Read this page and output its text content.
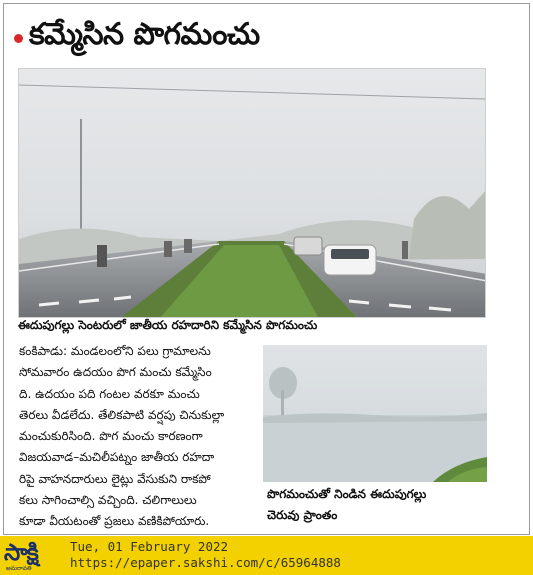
కమ్మేసిన పొగమంచు
ఈదుపుగల్లు సెంటరులో జాతీయ రహదారిని కమ్మేసిన పొగమంచు
కంకిపాడు: మండలంలోని పలు గ్రామాలను
సోమవారం ఉదయం పొగ మంచు కమ్మేసిం
ది. ఉదయం పది గంటల వరకూ మంచు
తెరలు వీడలేదు. తేలికపాటి వర్షపు చినుకుల్లా
మంచుకురిసింది. పొగ మంచు కారణంగా
విజయవాడ–మచిలీపట్నం జాతీయ రహదా
రిపై వాహనదారులు లైట్లు వేసుకుని రాకపో
కలు సాగించాల్సి వచ్చింది. చలిగాలులు
కూడా వీయటంతో ప్రజలు వణికిపోయారు.
పొగమంచుతో నిండిన ఈదుపుగల్లు
చెరువు ప్రాంతం
సాక్షి
అమరావతి
Tue, 01 February 2022
https://epaper.sakshi.com/c/65964888
